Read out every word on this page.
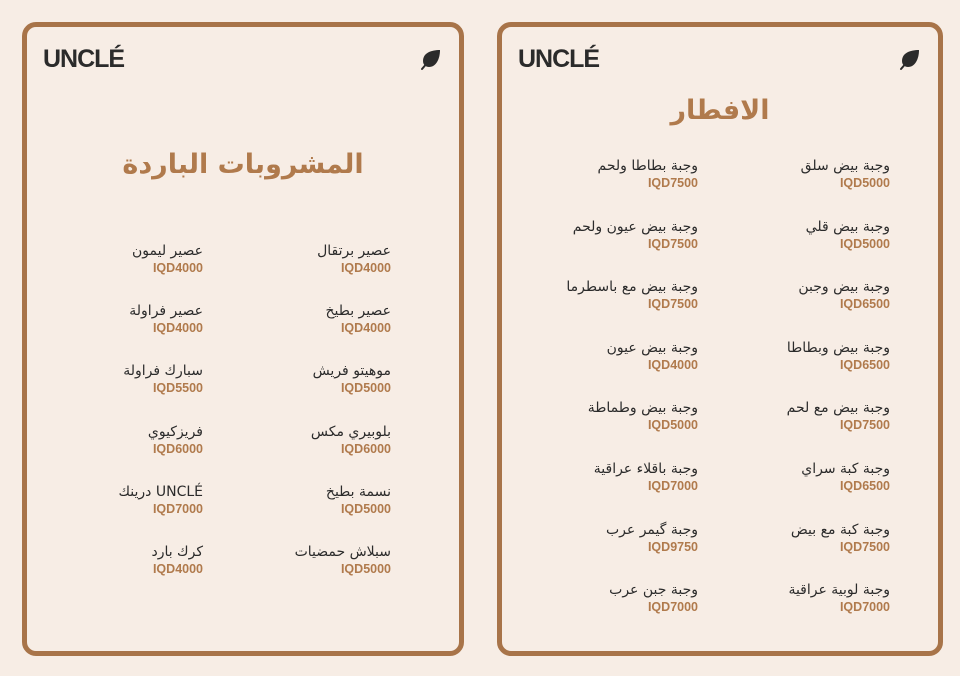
UNCLÉ
المشروبات الباردة
عصير برتقال
IQD4000
عصير ليمون
IQD4000
عصير بطيخ
IQD4000
عصير فراولة
IQD4000
موهيتو فريش
IQD5000
سبارك فراولة
IQD5500
بلوبيري مكس
IQD6000
فريزكيوي
IQD6000
نسمة بطيخ
IQD5000
UNCLÉ درينك
IQD7000
سبلاش حمضيات
IQD5000
كرك بارد
IQD4000
UNCLÉ
الافطار
وجبة بيض سلق
IQD5000
وجبة بطاطا ولحم
IQD7500
وجبة بيض قلي
IQD5000
وجبة بيض عيون ولحم
IQD7500
وجبة بيض وجبن
IQD6500
وجبة بيض مع باسطرما
IQD7500
وجبة بيض وبطاطا
IQD6500
وجبة بيض عيون
IQD4000
وجبة بيض مع لحم
IQD7500
وجبة بيض وطماطة
IQD5000
وجبة كبة سراي
IQD6500
وجبة باقلاء عراقية
IQD7000
وجبة كبة مع بيض
IQD7500
وجبة گيمر عرب
IQD9750
وجبة لوبية عراقية
IQD7000
وجبة جبن عرب
IQD7000
